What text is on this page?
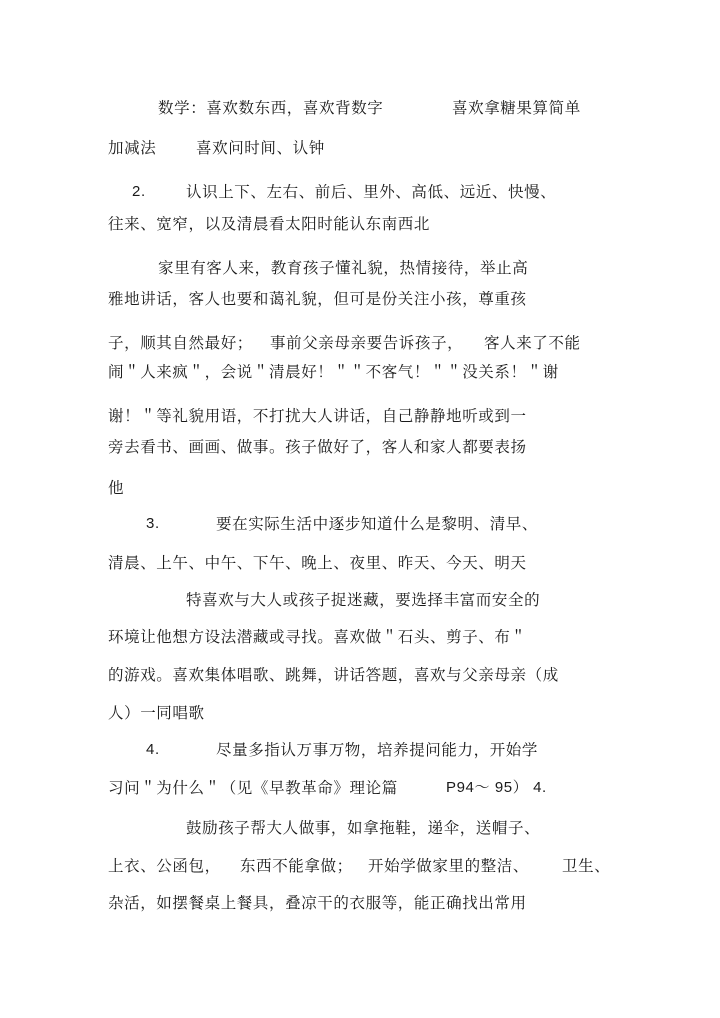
数学：喜欢数东西，喜欢背数字	喜欢拿糖果算简单
加减法	喜欢问时间、认钟
2.	认识上下、左右、前后、里外、高低、远近、快慢、
往来、宽窄，以及清晨看太阳时能认东南西北
家里有客人来，教育孩子懂礼貌，热情接待，举止高
雅地讲话，客人也要和蔼礼貌，但可是份关注小孩，尊重孩
子，顺其自然最好； 事前父亲母亲要告诉孩子， 客人来了不能
闹＂人来疯＂，会说＂清晨好！＂＂不客气！＂＂没关系！＂谢
谢！＂等礼貌用语，不打扰大人讲话，自己静静地听或到一
旁去看书、画画、做事。孩子做好了，客人和家人都要表扬
他
3.	要在实际生活中逐步知道什么是黎明、清早、
清晨、上午、中午、下午、晚上、夜里、昨天、今天、明天
特喜欢与大人或孩子捉迷藏，要选择丰富而安全的
环境让他想方设法潜藏或寻找。喜欢做＂石头、剪子、布＂
的游戏。喜欢集体唱歌、跳舞，讲话答题，喜欢与父亲母亲（成
人）一同唱歌
4.	尽量多指认万事万物，培养提问能力，开始学
习问＂为什么＂（见《早教革命》理论篇	P94～ 95） 4.
鼓励孩子帮大人做事，如拿拖鞋，递伞，送帽子、
上衣、公函包， 东西不能拿做； 开始学做家里的整洁、 卫生、
杂活，如摆餐桌上餐具，叠凉干的衣服等，能正确找出常用
